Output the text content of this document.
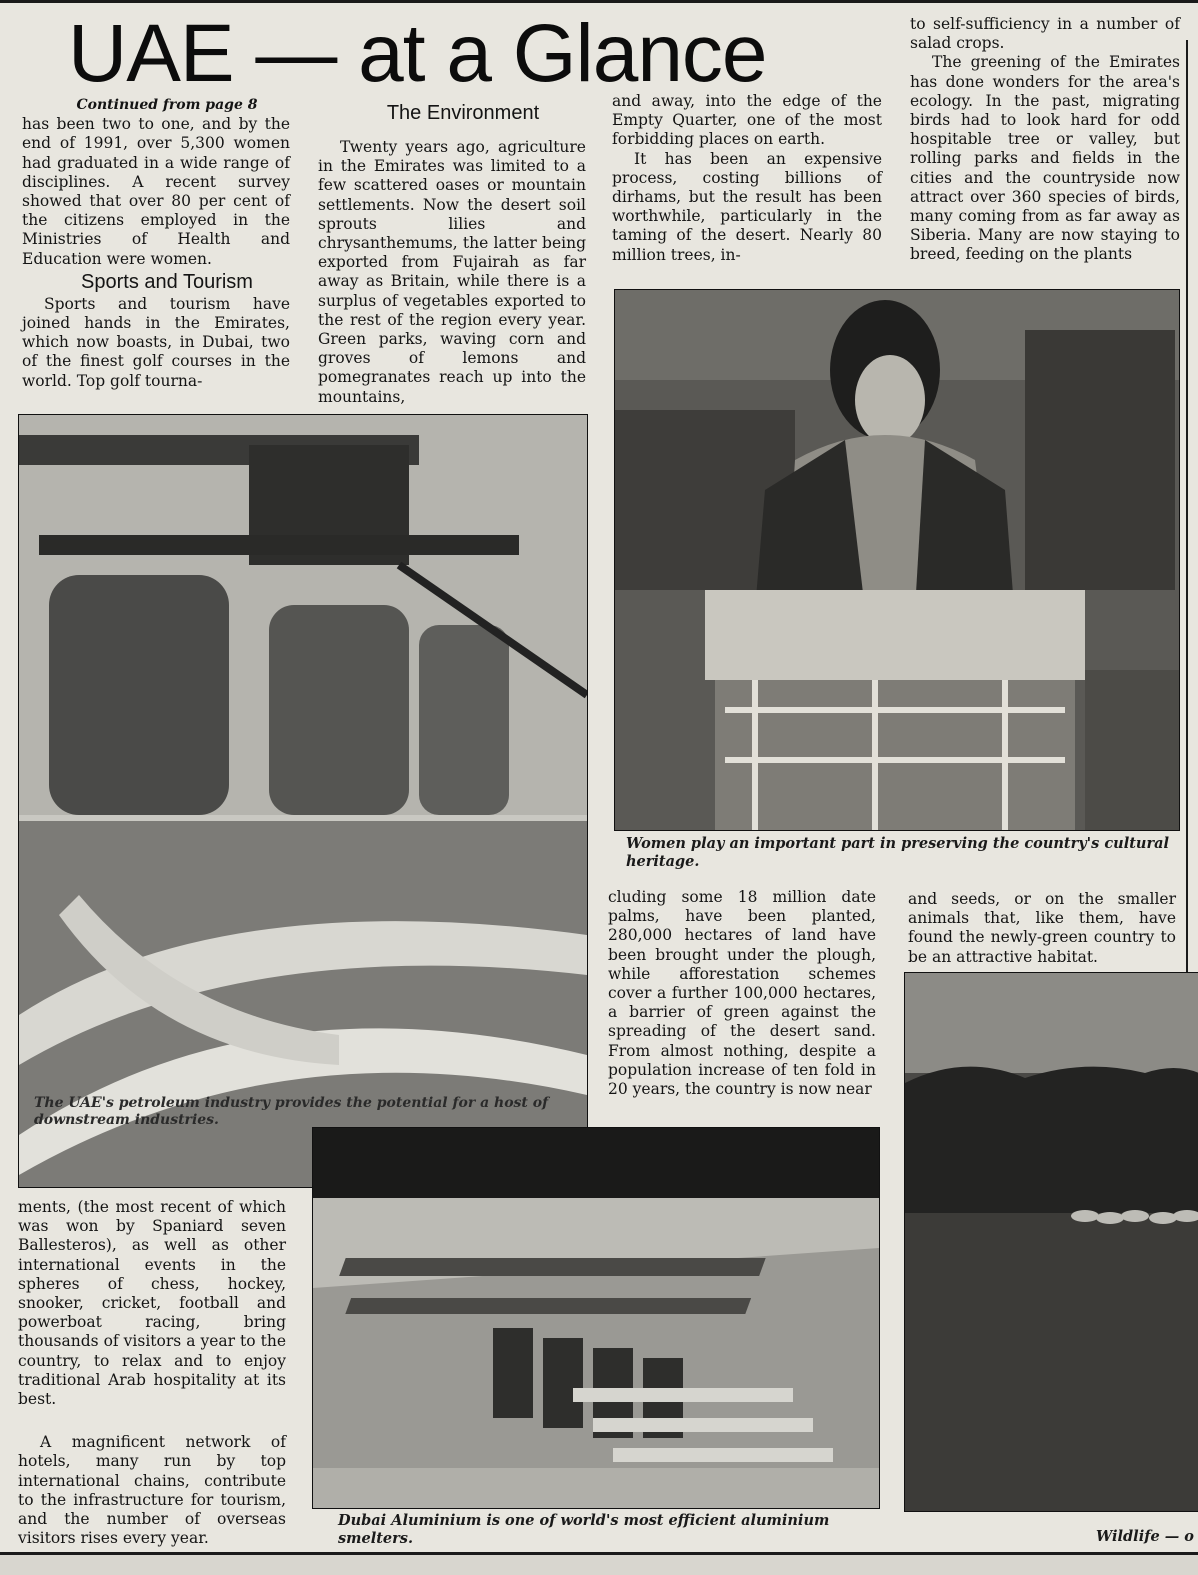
UAE — at a Glance

Continued from page 8

has been two to one, and by the end of 1991, over 5,300 women had graduated in a wide range of disciplines. A recent survey showed that over 80 per cent of the citizens employed in the Ministries of Health and Education were women.

Sports and Tourism

Sports and tourism have joined hands in the Emirates, which now boasts, in Dubai, two of the finest golf courses in the world. Top golf tourna-

The Environment

Twenty years ago, agriculture in the Emirates was limited to a few scattered oases or mountain settlements. Now the desert soil sprouts lilies and chrysanthemums, the latter being exported from Fujairah as far away as Britain, while there is a surplus of vegetables exported to the rest of the region every year. Green parks, waving corn and groves of lemons and pomegranates reach up into the mountains,

and away, into the edge of the Empty Quarter, one of the most forbidding places on earth.

It has been an expensive process, costing billions of dirhams, but the result has been worthwhile, particularly in the taming of the desert. Nearly 80 million trees, in-

to self-sufficiency in a number of salad crops.

The greening of the Emirates has done wonders for the area's ecology. In the past, migrating birds had to look hard for odd hospitable tree or valley, but rolling parks and fields in the cities and the countryside now attract over 360 species of birds, many coming from as far away as Siberia. Many are now staying to breed, feeding on the plants

The UAE's petroleum industry provides the potential for a host of downstream industries.
Women play an important part in preserving the country's cultural heritage.

cluding some 18 million date palms, have been planted, 280,000 hectares of land have been brought under the plough, while afforestation schemes cover a further 100,000 hectares, a barrier of green against the spreading of the desert sand. From almost nothing, despite a population increase of ten fold in 20 years, the country is now near

and seeds, or on the smaller animals that, like them, have found the newly-green country to be an attractive habitat.

Wildlife — o

ments, (the most recent of which was won by Spaniard seven Ballesteros), as well as other international events in the spheres of chess, hockey, snooker, cricket, football and powerboat racing, bring thousands of visitors a year to the country, to relax and to enjoy traditional Arab hospitality at its best.

A magnificent network of hotels, many run by top international chains, contribute to the infrastructure for tourism, and the number of overseas visitors rises every year.

Dubai Aluminium is one of world's most efficient aluminium smelters.
